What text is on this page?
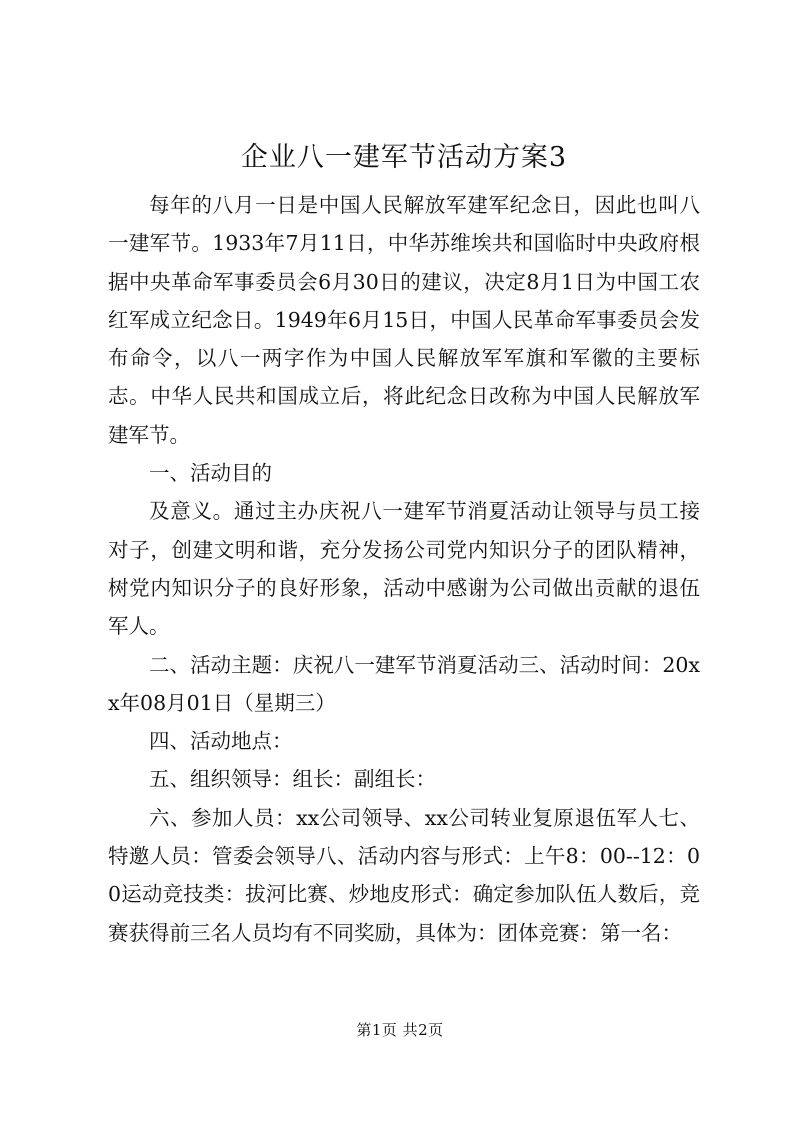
企业八一建军节活动方案3

每年的八月一日是中国人民解放军建军纪念日，因此也叫八一建军节。1933年7月11日，中华苏维埃共和国临时中央政府根据中央革命军事委员会6月30日的建议，决定8月1日为中国工农红军成立纪念日。1949年6月15日，中国人民革命军事委员会发布命令，以八一两字作为中国人民解放军军旗和军徽的主要标志。中华人民共和国成立后，将此纪念日改称为中国人民解放军建军节。

一、活动目的

及意义。通过主办庆祝八一建军节消夏活动让领导与员工接对子，创建文明和谐，充分发扬公司党内知识分子的团队精神，树党内知识分子的良好形象，活动中感谢为公司做出贡献的退伍军人。

二、活动主题：庆祝八一建军节消夏活动三、活动时间：20xx年08月01日（星期三）

四、活动地点：

五、组织领导：组长：副组长：

六、参加人员：xx公司领导、xx公司转业复原退伍军人七、特邀人员：管委会领导八、活动内容与形式：上午8：00--12：00运动竞技类：拔河比赛、炒地皮形式：确定参加队伍人数后，竞赛获得前三名人员均有不同奖励，具体为：团体竞赛：第一名：

第1页 共2页
